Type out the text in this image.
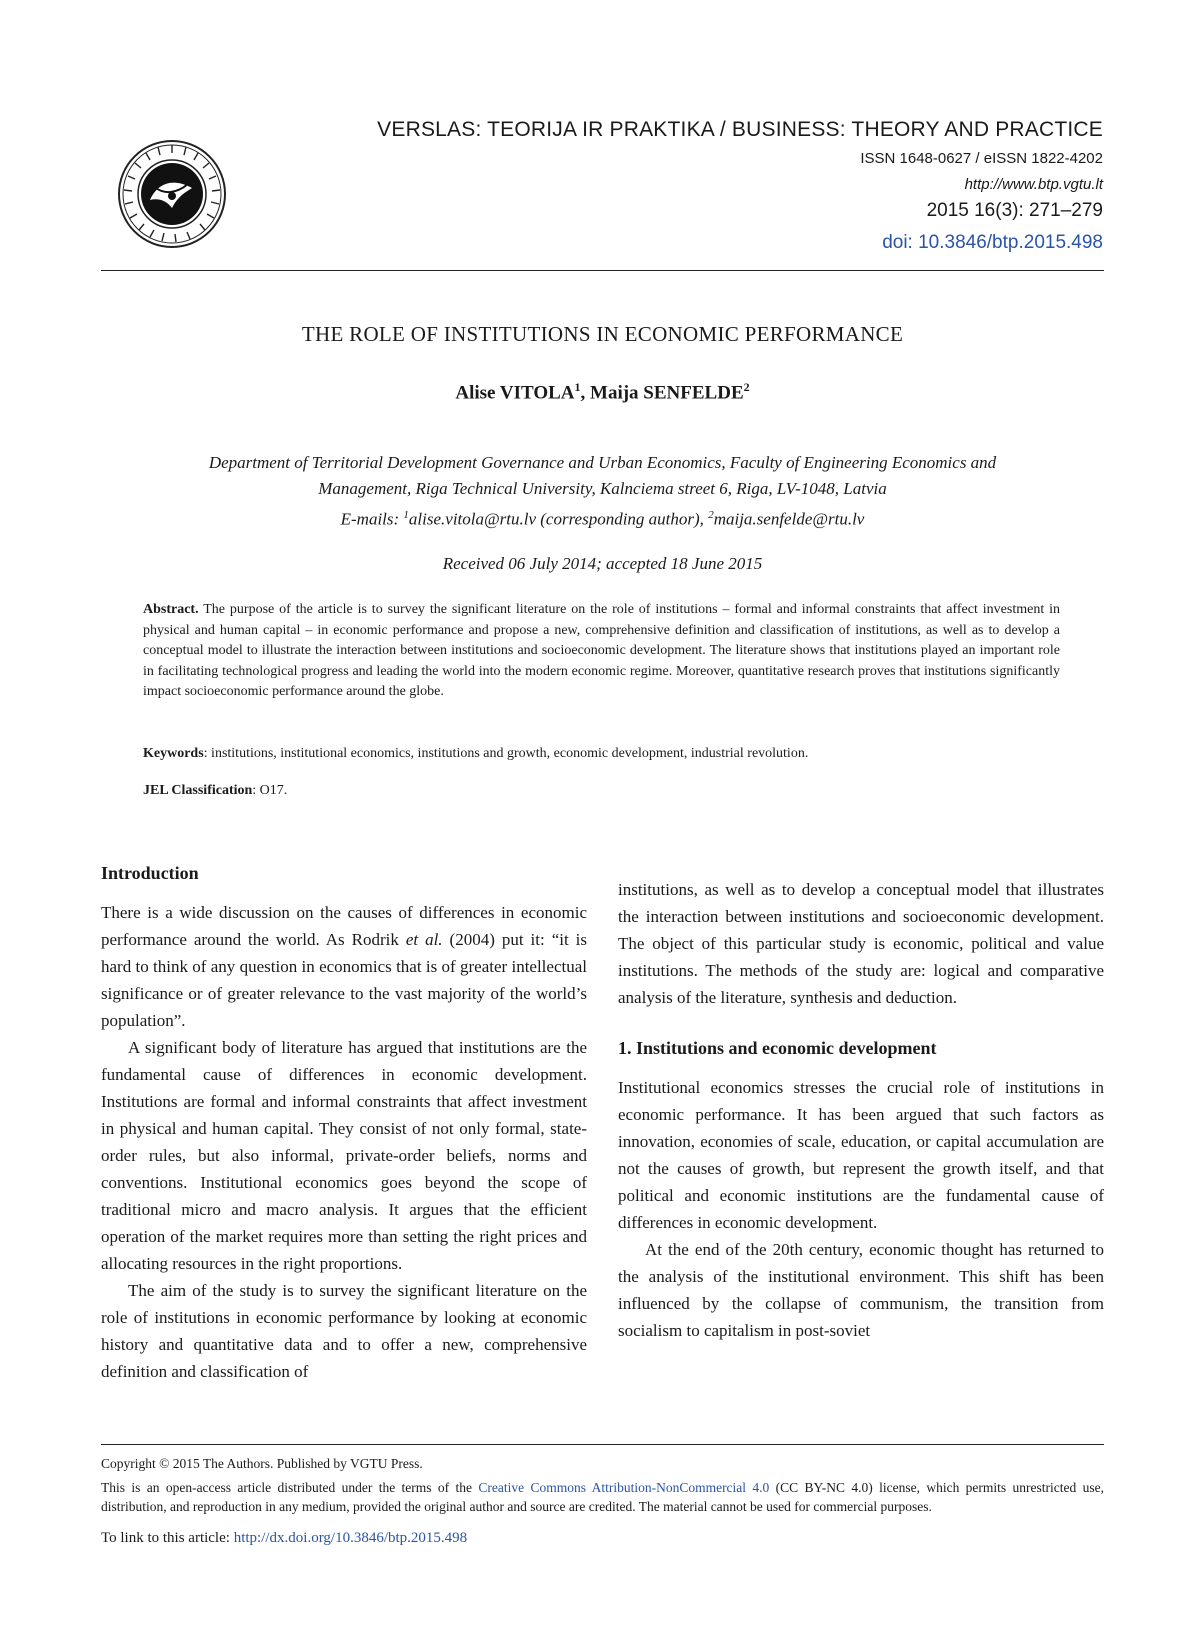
VERSLAS: TEORIJA IR PRAKTIKA / BUSINESS: THEORY AND PRACTICE
ISSN 1648-0627 / eISSN 1822-4202
http://www.btp.vgtu.lt
2015 16(3): 271–279
doi: 10.3846/btp.2015.498
THE ROLE OF INSTITUTIONS IN ECONOMIC PERFORMANCE
Alise VITOLA$^1$, Maija SENFELDE$^2$
Department of Territorial Development Governance and Urban Economics, Faculty of Engineering Economics and
Management, Riga Technical University, Kalnciema street 6, Riga, LV-1048, Latvia
E-mails: $^1$alise.vitola@rtu.lv (corresponding author), $^2$maija.senfelde@rtu.lv
Received 06 July 2014; accepted 18 June 2015
Abstract. The purpose of the article is to survey the significant literature on the role of institutions – formal and informal constraints that affect investment in physical and human capital – in economic performance and propose a new, comprehensive definition and classification of institutions, as well as to develop a conceptual model to illustrate the interaction between institutions and socioeconomic development. The literature shows that institutions played an important role in facilitating technological progress and leading the world into the modern economic regime. Moreover, quantitative research proves that institutions significantly impact socioeconomic performance around the globe.
Keywords: institutions, institutional economics, institutions and growth, economic development, industrial revolution.
JEL Classification: O17.
Introduction

There is a wide discussion on the causes of differences in economic performance around the world. As Rodrik et al. (2004) put it: “it is hard to think of any question in economics that is of greater intellectual significance or of greater relevance to the vast majority of the world’s population”.

A significant body of literature has argued that institutions are the fundamental cause of differences in economic development. Institutions are formal and informal constraints that affect investment in physical and human capital. They consist of not only formal, state-order rules, but also informal, private-order beliefs, norms and conventions. Institutional economics goes beyond the scope of traditional micro and macro analysis. It argues that the efficient operation of the market requires more than setting the right prices and allocating resources in the right proportions.

The aim of the study is to survey the significant literature on the role of institutions in economic performance by looking at economic history and quantitative data and to offer a new, comprehensive definition and classification of

institutions, as well as to develop a conceptual model that illustrates the interaction between institutions and socioeconomic development. The object of this particular study is economic, political and value institutions. The methods of the study are: logical and comparative analysis of the literature, synthesis and deduction.

1. Institutions and economic development

Institutional economics stresses the crucial role of institutions in economic performance. It has been argued that such factors as innovation, economies of scale, education, or capital accumulation are not the causes of growth, but represent the growth itself, and that political and economic institutions are the fundamental cause of differences in economic development.

At the end of the 20th century, economic thought has returned to the analysis of the institutional environment. This shift has been influenced by the collapse of communism, the transition from socialism to capitalism in post-soviet

Copyright © 2015 The Authors. Published by VGTU Press.
This is an open-access article distributed under the terms of the Creative Commons Attribution-NonCommercial 4.0 (CC BY-NC 4.0) license, which permits unrestricted use, distribution, and reproduction in any medium, provided the original author and source are credited. The material cannot be used for commercial purposes.
To link to this article: http://dx.doi.org/10.3846/btp.2015.498
